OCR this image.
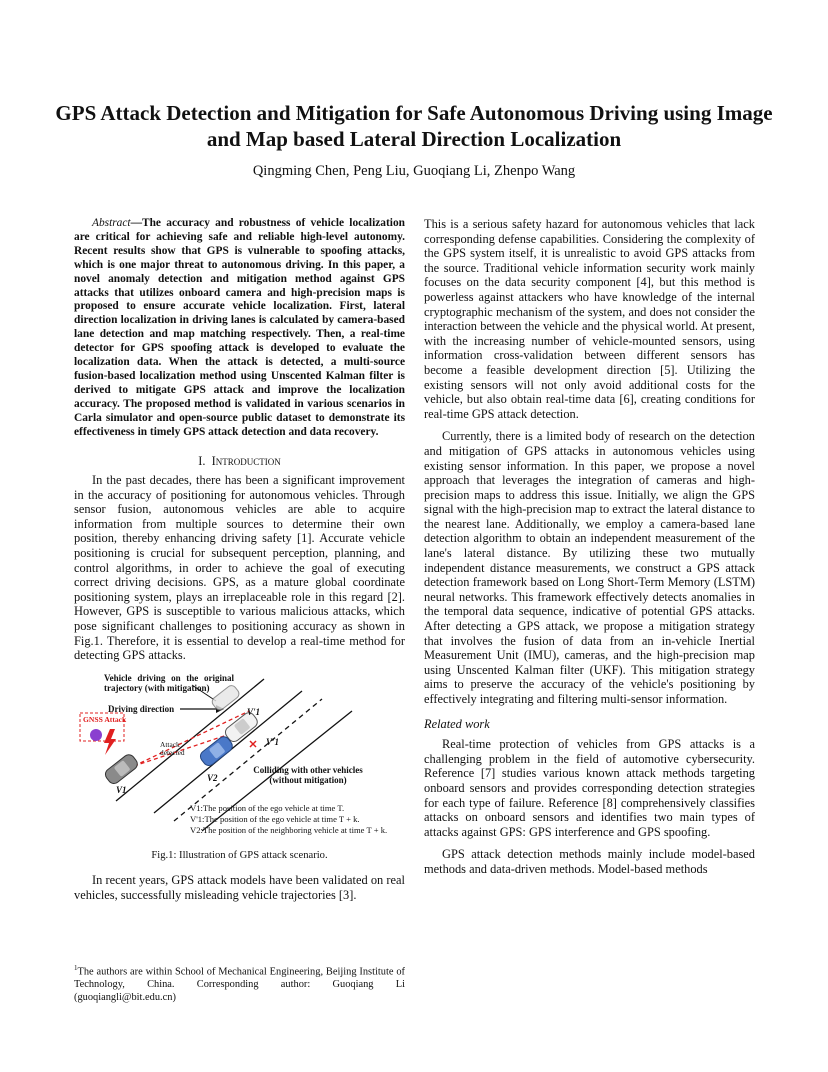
GPS Attack Detection and Mitigation for Safe Autonomous Driving using Image and Map based Lateral Direction Localization
Qingming Chen, Peng Liu, Guoqiang Li, Zhenpo Wang

Abstract—The accuracy and robustness of vehicle localization are critical for achieving safe and reliable high-level autonomy. Recent results show that GPS is vulnerable to spoofing attacks, which is one major threat to autonomous driving. In this paper, a novel anomaly detection and mitigation method against GPS attacks that utilizes onboard camera and high-precision maps is proposed to ensure accurate vehicle localization. First, lateral direction localization in driving lanes is calculated by camera-based lane detection and map matching respectively. Then, a real-time detector for GPS spoofing attack is developed to evaluate the localization data. When the attack is detected, a multi-source fusion-based localization method using Unscented Kalman filter is derived to mitigate GPS attack and improve the localization accuracy. The proposed method is validated in various scenarios in Carla simulator and open-source public dataset to demonstrate its effectiveness in timely GPS attack detection and data recovery.

I. Introduction

In the past decades, there has been a significant improvement in the accuracy of positioning for autonomous vehicles. Through sensor fusion, autonomous vehicles are able to acquire information from multiple sources to determine their own position, thereby enhancing driving safety [1]. Accurate vehicle positioning is crucial for subsequent perception, planning, and control algorithms, in order to achieve the goal of executing correct driving decisions. GPS, as a mature global coordinate positioning system, plays an irreplaceable role in this regard [2]. However, GPS is susceptible to various malicious attacks, which pose significant challenges to positioning accuracy as shown in Fig.1. Therefore, it is essential to develop a real-time method for detecting GPS attacks.

Vehicle driving on the original trajectory (with mitigation)
Driving direction
GNSS Attack
Attack detected
Colliding with other vehicles (without mitigation)
V1
V'1
V'1
V2
V1:The position of the ego vehicle at time T.
V'1:The position of the ego vehicle at time T + k.
V2:The position of the neighboring vehicle at time T + k.

Fig.1: Illustration of GPS attack scenario.

In recent years, GPS attack models have been validated on real vehicles, successfully misleading vehicle trajectories [3].

$^1$The authors are within School of Mechanical Engineering, Beijing Institute of Technology, China. Corresponding author: Guoqiang Li (guoqiangli@bit.edu.cn)

This is a serious safety hazard for autonomous vehicles that lack corresponding defense capabilities. Considering the complexity of the GPS system itself, it is unrealistic to avoid GPS attacks from the source. Traditional vehicle information security work mainly focuses on the data security component [4], but this method is powerless against attackers who have knowledge of the internal cryptographic mechanism of the system, and does not consider the interaction between the vehicle and the physical world. At present, with the increasing number of vehicle-mounted sensors, using information cross-validation between different sensors has become a feasible development direction [5]. Utilizing the existing sensors will not only avoid additional costs for the vehicle, but also obtain real-time data [6], creating conditions for real-time GPS attack detection.

Currently, there is a limited body of research on the detection and mitigation of GPS attacks in autonomous vehicles using existing sensor information. In this paper, we propose a novel approach that leverages the integration of cameras and high-precision maps to address this issue. Initially, we align the GPS signal with the high-precision map to extract the lateral distance to the nearest lane. Additionally, we employ a camera-based lane detection algorithm to obtain an independent measurement of the lane's lateral distance. By utilizing these two mutually independent distance measurements, we construct a GPS attack detection framework based on Long Short-Term Memory (LSTM) neural networks. This framework effectively detects anomalies in the temporal data sequence, indicative of potential GPS attacks. After detecting a GPS attack, we propose a mitigation strategy that involves the fusion of data from an in-vehicle Inertial Measurement Unit (IMU), cameras, and the high-precision map using Unscented Kalman filter (UKF). This mitigation strategy aims to preserve the accuracy of the vehicle's positioning by effectively integrating and filtering multi-sensor information.

Related work

Real-time protection of vehicles from GPS attacks is a challenging problem in the field of automotive cybersecurity. Reference [7] studies various known attack methods targeting onboard sensors and provides corresponding detection strategies for each type of failure. Reference [8] comprehensively classifies attacks on onboard sensors and identifies two main types of attacks against GPS: GPS interference and GPS spoofing.

GPS attack detection methods mainly include model-based methods and data-driven methods. Model-based methods
